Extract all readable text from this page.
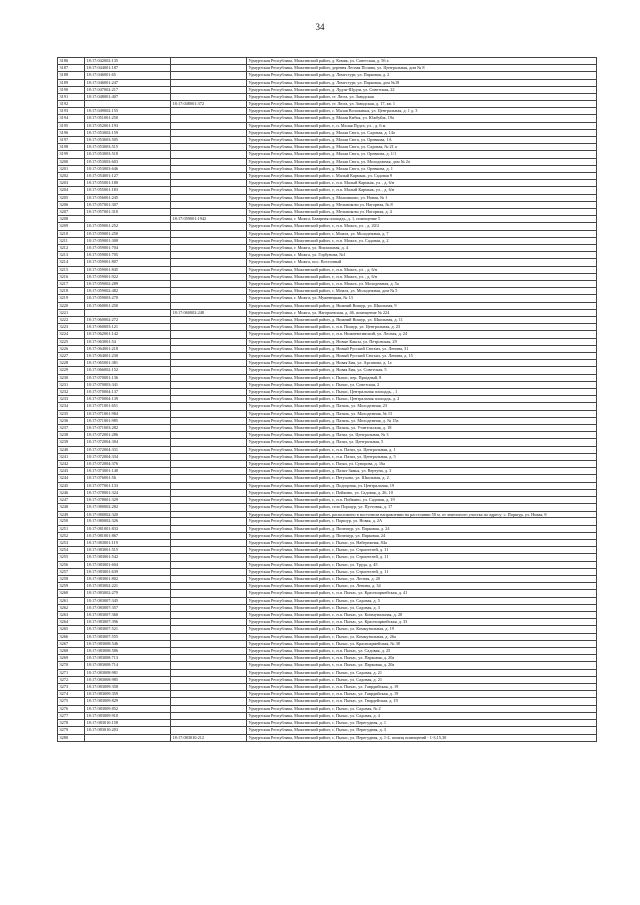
34
3186	18:17:042002:135		Удмуртская Республика, Можгинский район, д. Комяк, ул. Советская, д. 56 а
3187	18:17:044001:187		Удмуртская Республика, Можгинский район, деревня Лесная Поляна, ул. Центральная, дом № 8
3188	18:17:046001:65		Удмуртская Республика, Можгинский район, д. Ломесгурт, ул. Парковая, д. 2
3189	18:17:046001:247		Удмуртская Республика, Можгинский район, д. Ломесгурт, ул. Парковая, дом №18
3190	18:17:047002:217		Удмуртская Республика, Можгинский район, д. Лудзи-Шудзи, ул. Советская, 22
3191	18:17:048001:407		Удмуртская Республика, Можгинский район, ст. Люга, ул. Заводская
3192		18:17:048001:372	Удмуртская Республика, Можгинский район, ст. Люга, ул. Заводская, д. 17, кв. 1
3193	18:17:049002:155		Удмуртская Республика, Можгинский район, с. Малая Воложикья, ул. Центральная, д. 1 д. 3
3194	18:17:051001:250		Удмуртская Республика, Можгинский район, д. Малая Кибья, ул. Южбуйж, 19а
3195	18:17:052001:193		Удмуртская Республика, Можгинский район, г., п. Малая Пудга, ул. , д. 6 м
3196	18:17:053002:159		Удмуртская Республика, Можгинский район, д. Малая Сюга, ул. Садовая, д. 14а
3197	18:17:053003:505		Удмуртская Республика, Можгинский район, д. Малая Сюга, ул. Оревкова, 1А
3198	18:17:053003:515		Удмуртская Республика, Можгинский район, д. Малая Сюга, ул. Садовая, № 21 а
3199	18:17:053003:518		Удмуртская Республика, Можгинский район, д. Малая Сюга, ул. Оревкова, д. 1/1
3200	18:17:053003:603		Удмуртская Республика, Можгинский район, д. Малая Сюга, ул. Молодежная, дом № 2а
3201	18:17:053003:646		Удмуртская Республика, Можгинский район, д. Малая Сюга, ул. Оревкова, д. 1
3202	18:17:054001:127		Удмуртская Республика, Можгинский район, с. Малый Кармыж, ул. Садовая 9
3203	18:17:055001:180		Удмуртская Республика, Можгинский район, г., н.п. Малый Кармыж, ул. , д. 6/н
3204	18:17:055001:183		Удмуртская Республика, Можгинский район, г., н.п. Малый Кармыж, ул. , д. 6/н
3205	18:17:056001:245		Удмуртская Республика, Можгинский район, д. Мальчиково, ул. Новая, № 1
3206	18:17:057001:307		Удмуртская Республика, Можгинский район, д. Мельниково ул. Нагорная, № 8
3207	18:17:057001:310		Удмуртская Республика, Можгинский район, д. Мельниково ул. Нагорная, д. 4
3208		18:17:059001:1942	Удмуртская Республика, г. Можга, Базарная площадь, д. 1, помещение 5
3209	18:17:059001:252		Удмуртская Республика, Можгинский район, г., н.п. Можга, ул. , д. 20/2
3210	18:17:059001:250		Удмуртская Республика, Можгинский район, с. Можга, ул. Молодежная, д. 7
3211	18:17:059001:308		Удмуртская Республика, Можгинский район, г., н.п. Можга, ул. Садовая, д. 2
3212	18:17:059001:704		Удмуртская Республика, г. Можга, ул. Вокзальная, д. 4
3213	18:17:059001:705		Удмуртская Республика, г. Можга, ул. Горбунова, №1
3214	18:17:059001:807		Удмуртская Республика, г. Можга, пос. Восточный
3215	18:17:059001:845		Удмуртская Республика, Можгинский район, г., н.п. Можга, ул. , д. 6/н
3216	18:17:059001:922		Удмуртская Республика, Можгинский район, г., н.п. Можга, ул. , д. 6/н
3217	18:17:059002:289		Удмуртская Республика, Можгинский район, г., н.п. Можга, ул. Молодежная, д. 5а
3218	18:17:059002:482		Удмуртская Республика, Можгинский район, с. Можга, ул. Молодежная, дом № 5
3219	18:17:059003:270		Удмуртская Республика, г. Можга, ул. Мужевецкая, № 13
3220	18:17:060001:250		Удмуртская Республика, Можгинский район, д. Нижний Вишур, ул. Школьная, 9
3221		18:17:060002:248	Удмуртская Республика, г. Можга, ул. Нагорьевская, д. 46, помещение № 224
3222	18:17:060002:272		Удмуртская Республика, Можгинский район, д. Нижний Вишур, ул. Школьная, д. 11
3223	18:17:060003:121		Удмуртская Республика, Можгинский район, г., н.п. Пишур, ул. Центральная, д. 23
3224	18:17:062001:142		Удмуртская Республика, Можгинский район, г., н.п. Нижнеюгинский, ул. Лесная, д. 24
3225	18:17:063001:54		Удмуртская Республика, Можгинский район, д. Новые Каксы, ул. Петровская, 29
3226	18:17:064001:218		Удмуртская Республика, Можгинский район, д. Новый Русский Сюгаил, ул. Ленина, 31
3227	18:17:064001:230		Удмуртская Республика, Можгинский район, д. Новый Русский Сюгаил, ул. Ленина, д. 15
3228	18:17:065001:381		Удмуртская Республика, Можгинский район, д. Новая Бия, ул. Арсанова, д. 1а
3229	18:17:066002:152		Удмуртская Республика, Можгинский район, д. Новая Бия, ул. Советская, 5
3230	18:17:070001:136		Удмуртская Республика, Можгинский район, с. Пычас, пер. Праздный, 8
3231	18:17:070003:341		Удмуртская Республика, Можгинский район, с. Пычас, ул. Советская, 2
3232	18:17:070004:137		Удмуртская Республика, Можгинский район, с. Пычас, Центральная площадь, , 1
3233	18:17:070004:139		Удмуртская Республика, Можгинский район, с. Пычас, Центральная площадь, д. 2
3234	18:17:071001:651		Удмуртская Республика, Можгинский район, д. Пазяль, ул. Молодежная, 23
3235	18:17:071001:984		Удмуртская Республика, Можгинский район, д. Пазяль, ул. Молодежная, № 15
3236	18:17:071001:985		Удмуртская Республика, Можгинский район, д. Пазяль, ул. Молодежная, д. № 15а
3237	18:17:071003:282		Удмуртская Республика, Можгинский район, д. Пазяль, ул. Учительская, д. 18
3238	18:17:072001:286		Удмуртская Республика, Можгинский район, д. Пазял, ул. Центральная, № 3
3239	18:17:072004:304		Удмуртская Республика, Можгинский район, д. Пазял, ул. Центральная, 5
3240	18:17:072004:331		Удмуртская Республика, Можгинский район, г., н.п. Пазял, ул. Центральная, д. 1
3241	18:17:072004:334		Удмуртская Республика, Можгинский район, г., н.п. Пазял, ул. Центральная, д. 5
3242	18:17:072004:376		Удмуртская Республика, Можгинский район, с. Пазял, ул. Суворова, д. 16а
3243	18:17:073001:140		Удмуртская Республика, Можгинский район, д. Пазял-Зямья, ул. Вертуна, д. 3
3244	18:17:076001:56		Удмуртская Республика, Можгинский район, с. Петухово, ул. Школьная, д. 2
3245	18:17:077001:133		Удмуртская Республика, Можгинский район, д. Подгорная, ул. Центральная, 19
3246	18:17:078001:324		Удмуртская Республика, Можгинский район, с. Пойкино, ул. Садовая, д. 26, 10
3247	18:17:078001:329		Удмуртская Республика, Можгинский район, г., н.п. Пойкино, ул. Садовая, д. 19
3248	18:17:080002:282		Удмуртская Республика, Можгинский район, село Поршур, ул. Пустовая, д. 17
3249	18:17:080002:320		Удмуртская Республика, Можгинский район, расположено в восточном направлении на расстоянии 50 м. от земельного участка по адресу: с. Поршур, ул. Новая, 8
3250	18:17:080002:326		Удмуртская Республика, Можгинский район, с. Поршур, ул. Новая, д. 2А
3251	18:17:081001:833		Удмуртская Республика, Можгинский район, д. Пичешур, ул. Парковая, д. 24
3252	18:17:081001:867		Удмуртская Республика, Можгинский район, д. Пичешур, ул. Парковая, 24
3253	18:17:083001:119		Удмуртская Республика, Можгинский район, с. Пычас, ул. Набережная, 84а
3254	18:17:083001:515		Удмуртская Республика, Можгинский район, с. Пычас, ул. Строителей, д. 11
3255	18:17:083001:542		Удмуртская Республика, Можгинский район, с. Пычас, ул. Строителей, д. 11
3256	18:17:083001:604		Удмуртская Республика, Можгинский район, с. Пычас, ул. Труда, д. 45
3257	18:17:083001:639		Удмуртская Республика, Можгинский район, с. Пычас, ул. Строителей, д. 11
3258	18:17:083001:802		Удмуртская Республика, Можгинский район, с. Пычас, ул. Лесная, д. 20
3259	18:17:083002:221		Удмуртская Республика, Можгинский район, с. Пычас, ул. Ленина, д. 34
3260	18:17:083002:279		Удмуртская Республика, Можгинский район, г., н.п. Пычас, ул. Красноармейская, д. 41
3261	18:17:083007:345		Удмуртская Республика, Можгинский район, с. Пычас, ул. Садовая, д. 5
3262	18:17:083007:357		Удмуртская Республика, Можгинский район, с. Пычас, ул. Садовая, д. 3
3263	18:17:083007:360		Удмуртская Республика, Можгинский район, г., н.п. Пычас, ул. Коммунальная, д. 28
3264	18:17:083007:396		Удмуртская Республика, Можгинский район, г., н.п. Пычас, ул. Красноармейская, д. 33
3265	18:17:083007:521		Удмуртская Республика, Можгинский район, с. Пычас, ул. Коммунальная, д. 19
3266	18:17:083007:555		Удмуртская Республика, Можгинский район, с. Пычас, ул. Коммунальная, д. 26а
3267	18:17:083008:546		Удмуртская Республика, Можгинский район, с. Пычас, ул. Красноармейская, № 38
3268	18:17:083008:586		Удмуртская Республика, Можгинский район, г., н.п. Пычас, ул. Садовая, д. 25
3269	18:17:083008:713		Удмуртская Республика, Можгинский район, г., н.п. Пычас, ул. Парковая, д. 20а
3270	18:17:083008:714		Удмуртская Республика, Можгинский район, г., н.п. Пычас, ул. Парковая, д. 20а
3271	18:17:083008:981		Удмуртская Республика, Можгинский район, с. Пычас, ул. Садовая, д. 21
3272	18:17:083008:985		Удмуртская Республика, Можгинский район, с. Пычас, ул. Садовая, д. 21
3273	18:17:083009:358		Удмуртская Республика, Можгинский район, г., н.п. Пычас, ул. Гаврдийская, д. 19
3274	18:17:083009:359		Удмуртская Республика, Можгинский район, г., н.п. Пычас, ул. Гаврдийская, д. 19
3275	18:17:083009:829		Удмуртская Республика, Можгинский район, г., н.п. Пычас, ул. Гвардейская, д. 19
3276	18:17:083009:852		Удмуртская Республика, Можгинский район, с. Пычас, ул. Садовая, № 2
3277	18:17:083009:910		Удмуртская Республика, Можгинский район, с. Пычас, ул. Садовая, д. 4
3278	18:17:083010:158		Удмуртская Республика, Можгинский район, с. Пычас, ул. Перегудная, д. 1
3279	18:17:083010:203		Удмуртская Республика, Можгинский район, с. Пычас, ул. Перегудная, д. 3
3280		18:17:083010:212	Удмуртская Республика, Можгинский район, с. Пычас, ул. Перегудная, д. 1-2, помещ помещений - 1-3,15,30
